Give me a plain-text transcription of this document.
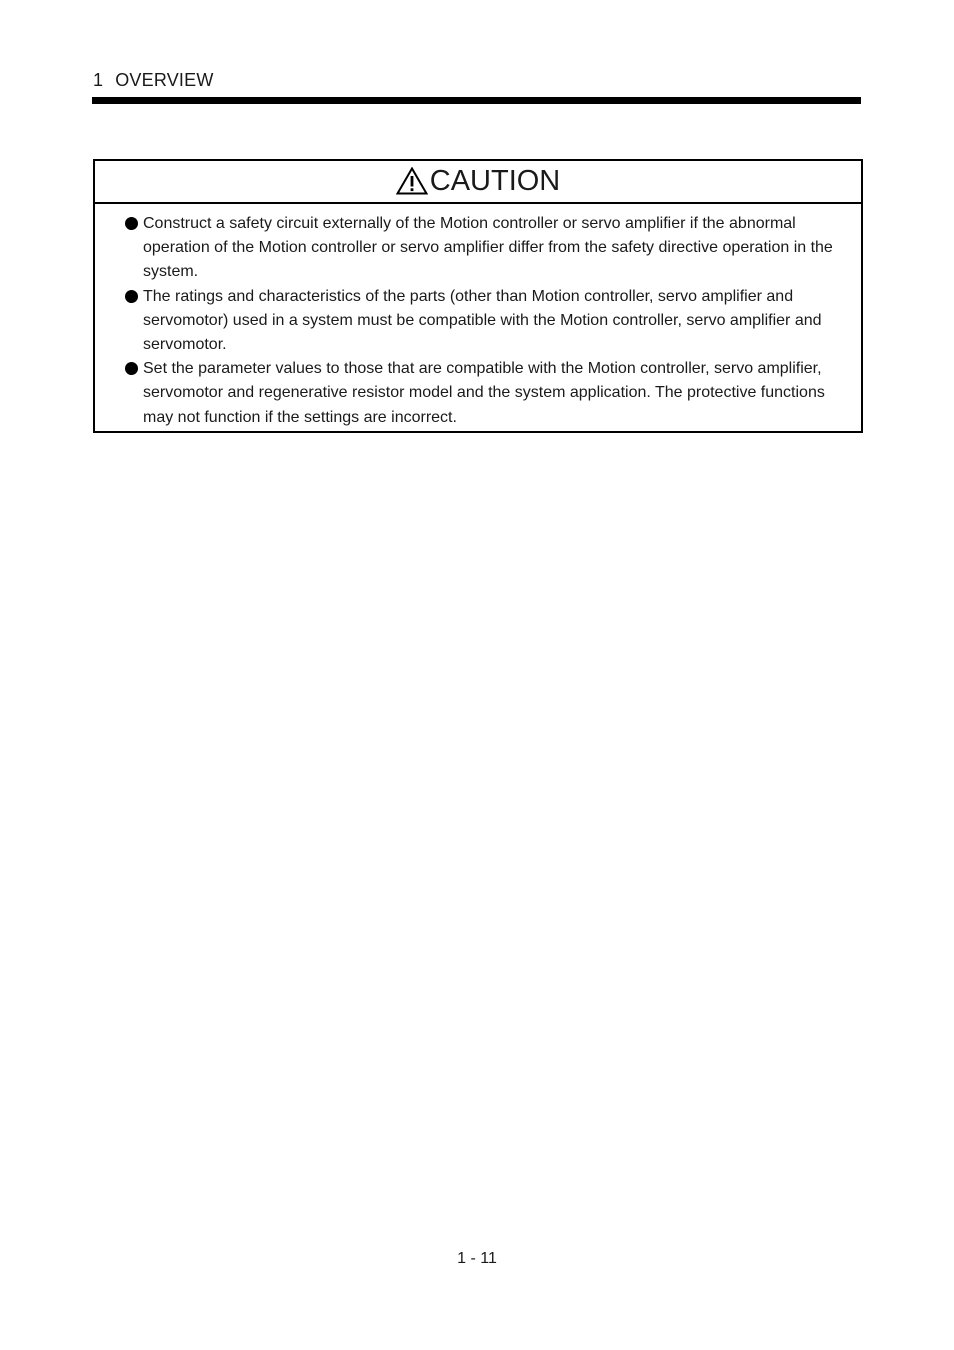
1 OVERVIEW
CAUTION
Construct a safety circuit externally of the Motion controller or servo amplifier if the abnormal operation of the Motion controller or servo amplifier differ from the safety directive operation in the system.
The ratings and characteristics of the parts (other than Motion controller, servo amplifier and servomotor) used in a system must be compatible with the Motion controller, servo amplifier and servomotor.
Set the parameter values to those that are compatible with the Motion controller, servo amplifier, servomotor and regenerative resistor model and the system application. The protective functions may not function if the settings are incorrect.
1 - 11
